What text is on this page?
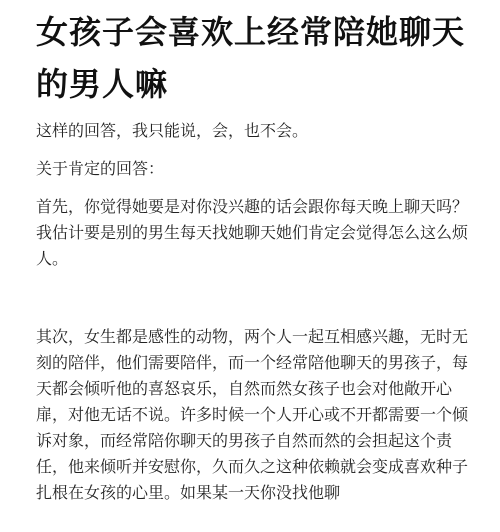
女孩子会喜欢上经常陪她聊天的男人嘛

这样的回答，我只能说，会，也不会。

关于肯定的回答：

首先，你觉得她要是对你没兴趣的话会跟你每天晚上聊天吗？我估计要是别的男生每天找她聊天她们肯定会觉得怎么这么烦人。

其次，女生都是感性的动物，两个人一起互相感兴趣，无时无刻的陪伴，他们需要陪伴，而一个经常陪他聊天的男孩子，每天都会倾听他的喜怒哀乐，自然而然女孩子也会对他敞开心扉，对他无话不说。许多时候一个人开心或不开都需要一个倾诉对象，而经常陪你聊天的男孩子自然而然的会担起这个责任，他来倾听并安慰你，久而久之这种依赖就会变成喜欢种子扎根在女孩的心里。如果某一天你没找他聊
